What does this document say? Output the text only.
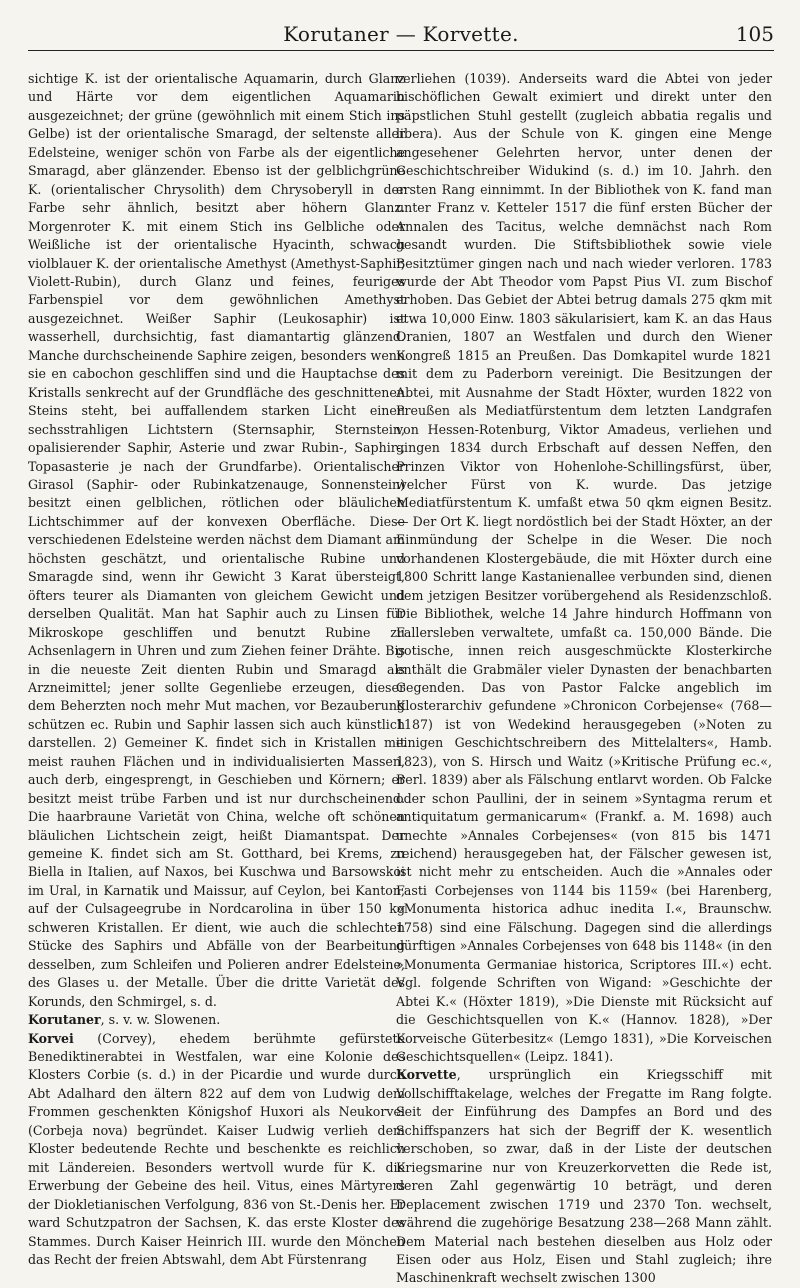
Korutaner — Korvette.	105

sichtige K. ist der orientalische Aquamarin, durch Glanz und Härte vor dem eigentlichen Aquamarin ausgezeichnet; der grüne (gewöhnlich mit einem Stich ins Gelbe) ist der orientalische Smaragd, der seltenste aller Edelsteine, weniger schön von Farbe als der eigentliche Smaragd, aber glänzender. Ebenso ist der gelblichgrüne K. (orientalischer Chrysolith) dem Chrysoberyll in der Farbe sehr ähnlich, besitzt aber höhern Glanz. Morgenroter K. mit einem Stich ins Gelbliche oder Weißliche ist der orientalische Hyacinth, schwach violblauer K. der orientalische Amethyst (Amethyst-Saphir, Violett-Rubin), durch Glanz und feines, feuriges Farbenspiel vor dem gewöhnlichen Amethyst ausgezeichnet. Weißer Saphir (Leukosaphir) ist wasserhell, durchsichtig, fast diamantartig glänzend. Manche durchscheinende Saphire zeigen, besonders wenn sie en cabochon geschliffen sind und die Hauptachse des Kristalls senkrecht auf der Grundfläche des geschnittenen Steins steht, bei auffallendem starken Licht einen sechsstrahligen Lichtstern (Sternsaphir, Sternstein, opalisierender Saphir, Asterie und zwar Rubin-, Saphir-, Topasasterie je nach der Grundfarbe). Orientalischer Girasol (Saphir- oder Rubinkatzenauge, Sonnenstein) besitzt einen gelblichen, rötlichen oder bläulichen Lichtschimmer auf der konvexen Oberfläche. Diese verschiedenen Edelsteine werden nächst dem Diamant am höchsten geschätzt, und orientalische Rubine und Smaragde sind, wenn ihr Gewicht 3 Karat übersteigt, öfters teurer als Diamanten von gleichem Gewicht und derselben Qualität. Man hat Saphir auch zu Linsen für Mikroskope geschliffen und benutzt Rubine zu Achsenlagern in Uhren und zum Ziehen feiner Drähte. Bis in die neueste Zeit dienten Rubin und Smaragd als Arzneimittel; jener sollte Gegenliebe erzeugen, dieser dem Beherzten noch mehr Mut machen, vor Bezauberung schützen ec. Rubin und Saphir lassen sich auch künstlich darstellen. 2) Gemeiner K. findet sich in Kristallen mit meist rauhen Flächen und in individualisierten Massen, auch derb, eingesprengt, in Geschieben und Körnern; er besitzt meist trübe Farben und ist nur durchscheinend. Die haarbraune Varietät von China, welche oft schönen bläulichen Lichtschein zeigt, heißt Diamantspat. Der gemeine K. findet sich am St. Gotthard, bei Krems, zu Biella in Italien, auf Naxos, bei Kuschwa und Barsowskoi im Ural, in Karnatik und Maissur, auf Ceylon, bei Kanton, auf der Culsageegrube in Nordcarolina in über 150 kg schweren Kristallen. Er dient, wie auch die schlechten Stücke des Saphirs und Abfälle von der Bearbeitung desselben, zum Schleifen und Polieren andrer Edelsteine, des Glases u. der Metalle. Über die dritte Varietät des Korunds, den Schmirgel, s. d.

Korutaner, s. v. w. Slowenen.

Korvei (Corvey), ehedem berühmte gefürstete Benediktinerabtei in Westfalen, war eine Kolonie des Klosters Corbie (s. d.) in der Picardie und wurde durch Abt Adalhard den ältern 822 auf dem von Ludwig dem Frommen geschenkten Königshof Huxori als Neukorvei (Corbeja nova) begründet. Kaiser Ludwig verlieh dem Kloster bedeutende Rechte und beschenkte es reichlich mit Ländereien. Besonders wertvoll wurde für K. die Erwerbung der Gebeine des heil. Vitus, eines Märtyrers der Diokletianischen Verfolgung, 836 von St.-Denis her. Er ward Schutzpatron der Sachsen, K. das erste Kloster des Stammes. Durch Kaiser Heinrich III. wurde den Mönchen das Recht der freien Abtswahl, dem Abt Fürstenrang

verliehen (1039). Anderseits ward die Abtei von jeder bischöflichen Gewalt eximiert und direkt unter den päpstlichen Stuhl gestellt (zugleich abbatia regalis und libera). Aus der Schule von K. gingen eine Menge angesehener Gelehrten hervor, unter denen der Geschichtschreiber Widukind (s. d.) im 10. Jahrh. den ersten Rang einnimmt. In der Bibliothek von K. fand man unter Franz v. Ketteler 1517 die fünf ersten Bücher der Annalen des Tacitus, welche demnächst nach Rom gesandt wurden. Die Stiftsbibliothek sowie viele Besitztümer gingen nach und nach wieder verloren. 1783 wurde der Abt Theodor vom Papst Pius VI. zum Bischof erhoben. Das Gebiet der Abtei betrug damals 275 qkm mit etwa 10,000 Einw. 1803 säkularisiert, kam K. an das Haus Oranien, 1807 an Westfalen und durch den Wiener Kongreß 1815 an Preußen. Das Domkapitel wurde 1821 mit dem zu Paderborn vereinigt. Die Besitzungen der Abtei, mit Ausnahme der Stadt Höxter, wurden 1822 von Preußen als Mediatfürstentum dem letzten Landgrafen von Hessen-Rotenburg, Viktor Amadeus, verliehen und gingen 1834 durch Erbschaft auf dessen Neffen, den Prinzen Viktor von Hohenlohe-Schillingsfürst, über, welcher Fürst von K. wurde. Das jetzige Mediatfürstentum K. umfaßt etwa 50 qkm eignen Besitz. — Der Ort K. liegt nordöstlich bei der Stadt Höxter, an der Einmündung der Schelpe in die Weser. Die noch vorhandenen Klostergebäude, die mit Höxter durch eine 1800 Schritt lange Kastanienallee verbunden sind, dienen dem jetzigen Besitzer vorübergehend als Residenzschloß. Die Bibliothek, welche 14 Jahre hindurch Hoffmann von Fallersleben verwaltete, umfaßt ca. 150,000 Bände. Die gotische, innen reich ausgeschmückte Klosterkirche enthält die Grabmäler vieler Dynasten der benachbarten Gegenden. Das von Pastor Falcke angeblich im Klosterarchiv gefundene »Chronicon Corbejense« (768—1187) ist von Wedekind herausgegeben (»Noten zu einigen Geschichtschreibern des Mittelalters«, Hamb. 1823), von S. Hirsch und Waitz (»Kritische Prüfung ec.«, Berl. 1839) aber als Fälschung entlarvt worden. Ob Falcke oder schon Paullini, der in seinem »Syntagma rerum et antiquitatum germanicarum« (Frankf. a. M. 1698) auch unechte »Annales Corbejenses« (von 815 bis 1471 reichend) herausgegeben hat, der Fälscher gewesen ist, ist nicht mehr zu entscheiden. Auch die »Annales oder Fasti Corbejenses von 1144 bis 1159« (bei Harenberg, »Monumenta historica adhuc inedita I.«, Braunschw. 1758) sind eine Fälschung. Dagegen sind die allerdings dürftigen »Annales Corbejenses von 648 bis 1148« (in den »Monumenta Germaniae historica, Scriptores III.«) echt. Vgl. folgende Schriften von Wigand: »Geschichte der Abtei K.« (Höxter 1819), »Die Dienste mit Rücksicht auf die Geschichtsquellen von K.« (Hannov. 1828), »Der Korveische Güterbesitz« (Lemgo 1831), »Die Korveischen Geschichtsquellen« (Leipz. 1841).

Korvette, ursprünglich ein Kriegsschiff mit Vollschifftakelage, welches der Fregatte im Rang folgte. Seit der Einführung des Dampfes an Bord und des Schiffspanzers hat sich der Begriff der K. wesentlich verschoben, so zwar, daß in der Liste der deutschen Kriegsmarine nur von Kreuzerkorvetten die Rede ist, deren Zahl gegenwärtig 10 beträgt, und deren Deplacement zwischen 1719 und 2370 Ton. wechselt, während die zugehörige Besatzung 238—268 Mann zählt. Dem Material nach bestehen dieselben aus Holz oder Eisen oder aus Holz, Eisen und Stahl zugleich; ihre Maschinenkraft wechselt zwischen 1300
